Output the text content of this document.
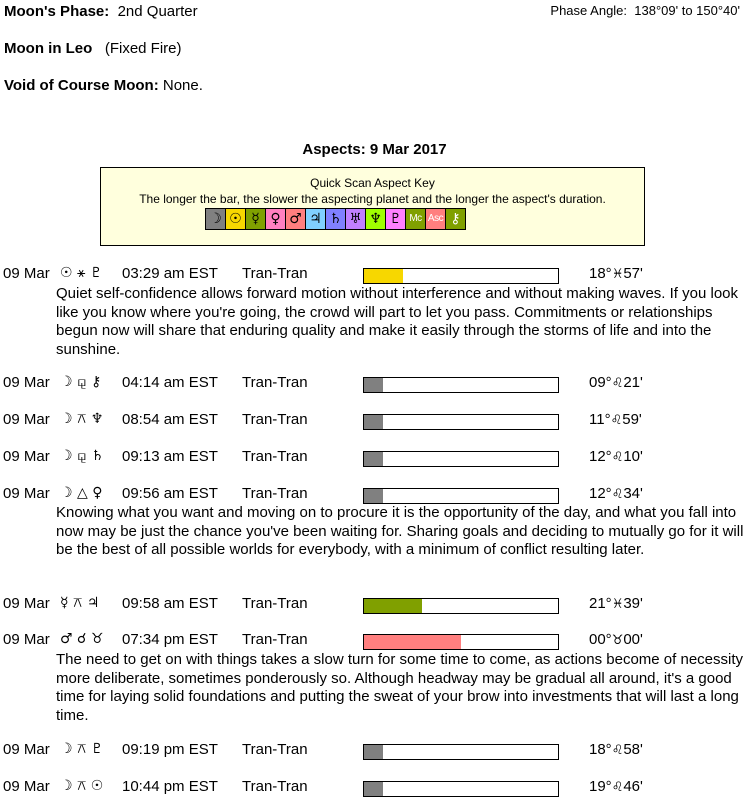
Moon's Phase: 2nd Quarter	Phase Angle: 138°09' to 150°40'
Moon in Leo (Fixed Fire)
Void of Course Moon: None.
Aspects: 9 Mar 2017
Quick Scan Aspect Key
The longer the bar, the slower the aspecting planet and the longer the aspect's duration.
☽ ☉ ☿ ♀ ♂ ♃ ♄ ♅ ♆ ♇ Mc Asc ⚷
09 Mar ☉ ⚹ ♇ 03:29 am EST Tran-Tran	18°♓57'
Quiet self-confidence allows forward motion without interference and without making waves. If you look like you know where you're going, the crowd will part to let you pass. Commitments or relationships begun now will share that enduring quality and make it easily through the storms of life and into the sunshine.
09 Mar ☽ ⚼ ⚷ 04:14 am EST Tran-Tran	09°♌21'
09 Mar ☽ ⚻ ♆ 08:54 am EST Tran-Tran	11°♌59'
09 Mar ☽ ⚼ ♄ 09:13 am EST Tran-Tran	12°♌10'
09 Mar ☽ △ ♀ 09:56 am EST Tran-Tran	12°♌34'
Knowing what you want and moving on to procure it is the opportunity of the day, and what you fall into now may be just the chance you've been waiting for. Sharing goals and deciding to mutually go for it will be the best of all possible worlds for everybody, with a minimum of conflict resulting later.
09 Mar ☿ ⚻ ♃ 09:58 am EST Tran-Tran	21°♓39'
09 Mar ♂ ☌ ♉ 07:34 pm EST Tran-Tran	00°♉00'
The need to get on with things takes a slow turn for some time to come, as actions become of necessity more deliberate, sometimes ponderously so. Although headway may be gradual all around, it's a good time for laying solid foundations and putting the sweat of your brow into investments that will last a long time.
09 Mar ☽ ⚻ ♇ 09:19 pm EST Tran-Tran	18°♌58'
09 Mar ☽ ⚻ ☉ 10:44 pm EST Tran-Tran	19°♌46'
